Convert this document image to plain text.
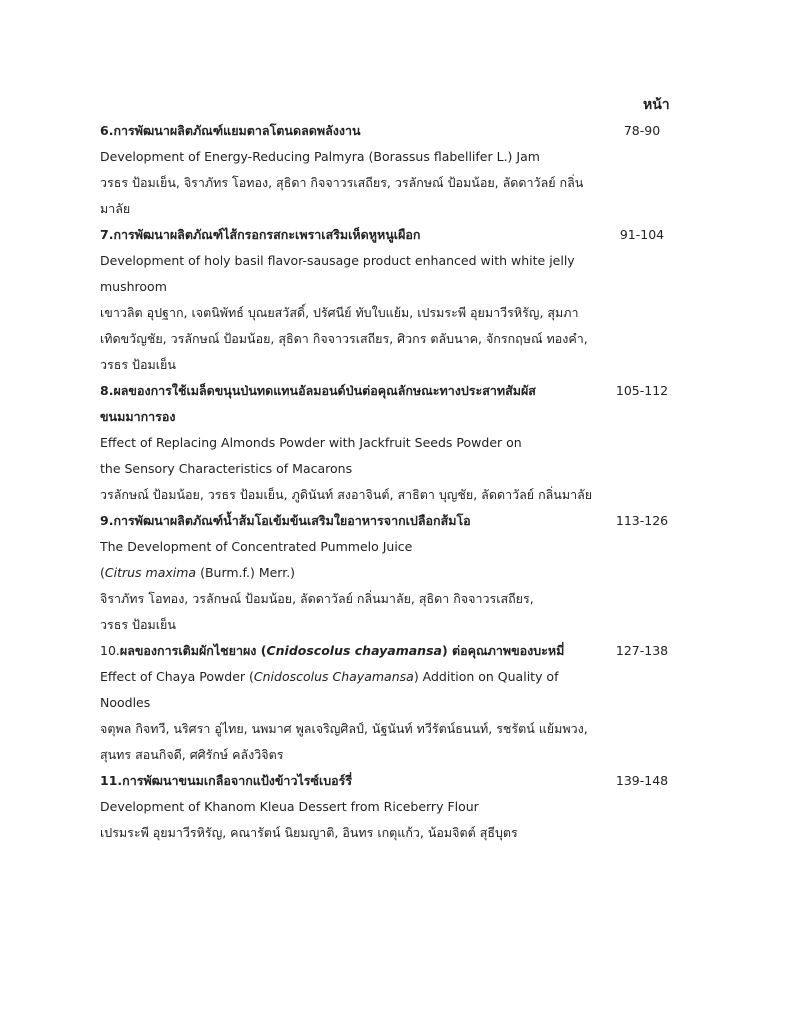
หน้า
6.การพัฒนาผลิตภัณฑ์แยมตาลโตนดลดพลังงาน	78-90
Development of Energy-Reducing Palmyra (Borassus flabellifer L.) Jam
วรธร ป้อมเย็น, จิราภัทร โอทอง, สุธิดา กิจจาวรเสถียร, วรลักษณ์ ป้อมน้อย, ลัดดาวัลย์ กลิ่น
มาลัย
7.การพัฒนาผลิตภัณฑ์ไส้กรอกรสกะเพราเสริมเห็ดหูหนูเผือก	91-104
Development of holy basil flavor-sausage product enhanced with white jelly
mushroom
เขาวลิต อุปฐาก, เจตนิพัทธ์ บุณยสวัสดิ์, ปรัศนีย์ ทับใบแย้ม, เปรมระพี อุยมาวีรหิรัญ, สุมภา
เทิดขวัญชัย, วรลักษณ์ ป้อมน้อย, สุธิดา กิจจาวรเสถียร, ศิวกร ตลับนาค, จักรกฤษณ์ ทองคำ,
วรธร ป้อมเย็น
8.ผลของการใช้เมล็ดขนุนป่นทดแทนอัลมอนด์ป่นต่อคุณลักษณะทางประสาทสัมผัส	105-112
ขนมมาการอง
Effect of Replacing Almonds Powder with Jackfruit Seeds Powder on
the Sensory Characteristics of Macarons
วรลักษณ์ ป้อมน้อย, วรธร ป้อมเย็น, ภูดินันท์ สงอาจินต์, สาธิตา บุญชัย, ลัดดาวัลย์ กลิ่นมาลัย
9.การพัฒนาผลิตภัณฑ์น้ำส้มโอเข้มข้นเสริมใยอาหารจากเปลือกส้มโอ	113-126
The Development of Concentrated Pummelo Juice
(Citrus maxima (Burm.f.) Merr.)
จิราภัทร โอทอง, วรลักษณ์ ป้อมน้อย, ลัดดาวัลย์ กลิ่นมาลัย, สุธิดา กิจจาวรเสถียร,
วรธร ป้อมเย็น
10.ผลของการเติมผักไชยาผง (Cnidoscolus chayamansa) ต่อคุณภาพของบะหมี่	127-138
Effect of Chaya Powder (Cnidoscolus Chayamansa) Addition on Quality of
Noodles
จตุพล กิจทวี, นริศรา อู่ไทย, นพมาศ พูลเจริญศิลป์, นัฐนันท์ ทวีรัตน์ธนนท์, รชรัตน์ แย้มพวง,
สุนทร สอนกิจดี, ศศิรักษ์ คลังวิจิตร
11.การพัฒนาขนมเกลือจากแป้งข้าวไรซ์เบอร์รี่	139-148
Development of Khanom Kleua Dessert from Riceberry Flour
เปรมระพี อุยมาวีรหิรัญ, คณารัตน์ นิยมญาติ, อินทร เกตุแก้ว, น้อมจิตต์ สุธีบุตร
